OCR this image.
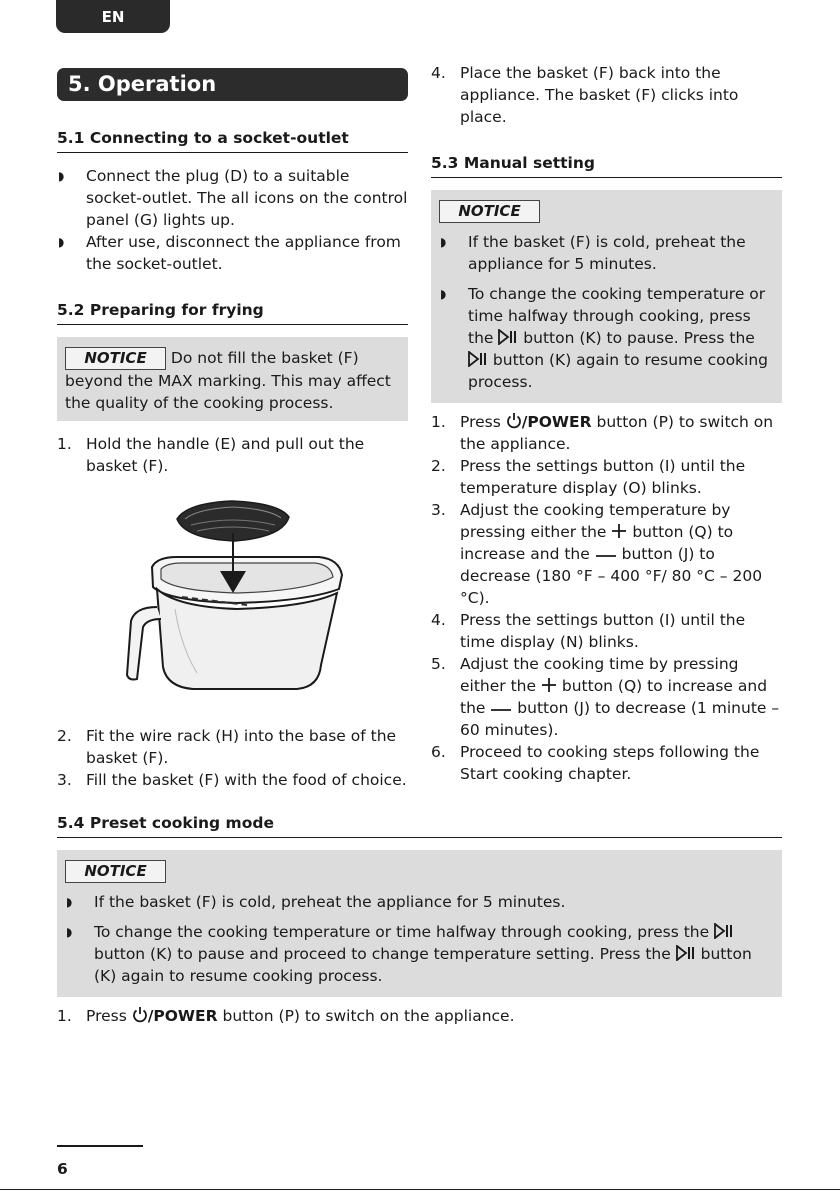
EN
5. Operation
5.1 Connecting to a socket-outlet
◗ Connect the plug (D) to a suitable socket-outlet. The all icons on the control panel (G) lights up.
◗ After use, disconnect the appliance from the socket-outlet.
5.2 Preparing for frying
NOTICE Do not fill the basket (F) beyond the MAX marking. This may affect the quality of the cooking process.
1. Hold the handle (E) and pull out the basket (F).
2. Fit the wire rack (H) into the base of the basket (F).
3. Fill the basket (F) with the food of choice.
4. Place the basket (F) back into the appliance. The basket (F) clicks into place.
5.3 Manual setting
NOTICE
◗ If the basket (F) is cold, preheat the appliance for 5 minutes.
◗ To change the cooking temperature or time halfway through cooking, press the  button (K) to pause. Press the  button (K) again to resume cooking process.
1. Press /POWER button (P) to switch on the appliance.
2. Press the settings button (I) until the temperature display (O) blinks.
3. Adjust the cooking temperature by pressing either the  button (Q) to increase and the  button (J) to decrease (180 °F – 400 °F/ 80 °C – 200 °C).
4. Press the settings button (I) until the time display (N) blinks.
5. Adjust the cooking time by pressing either the  button (Q) to increase and the  button (J) to decrease (1 minute – 60 minutes).
6. Proceed to cooking steps following the Start cooking chapter.
5.4 Preset cooking mode
NOTICE
◗ If the basket (F) is cold, preheat the appliance for 5 minutes.
◗ To change the cooking temperature or time halfway through cooking, press the  button (K) to pause and proceed to change temperature setting. Press the  button (K) again to resume cooking process.
1. Press /POWER button (P) to switch on the appliance.
6
